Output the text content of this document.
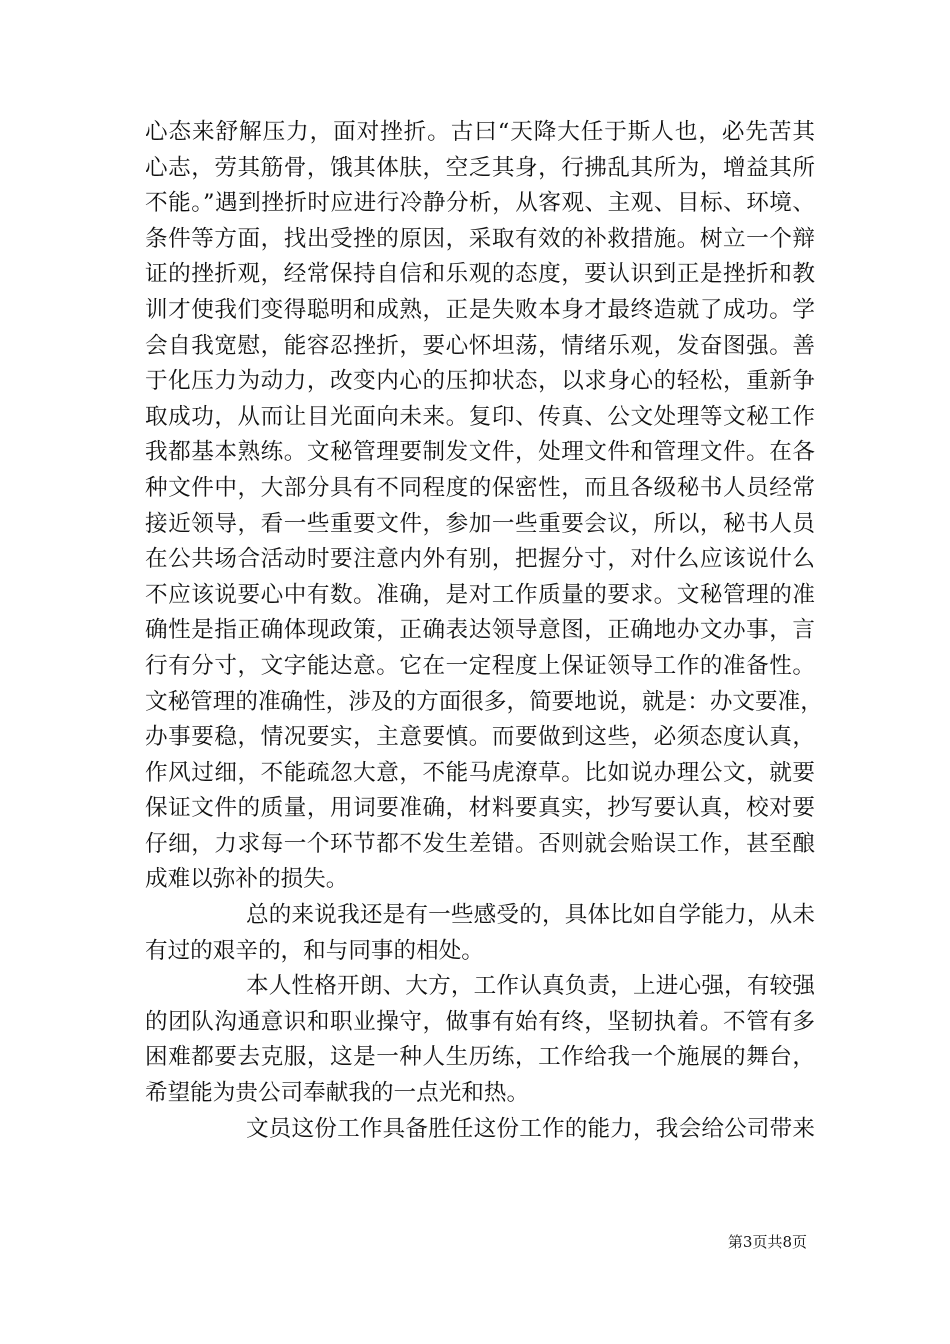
心态来舒解压力，面对挫折。古曰“天降大任于斯人也，必先苦其
心志，劳其筋骨，饿其体肤，空乏其身，行拂乱其所为，增益其所
不能。”遇到挫折时应进行冷静分析，从客观、主观、目标、环境、
条件等方面，找出受挫的原因，采取有效的补救措施。树立一个辩
证的挫折观，经常保持自信和乐观的态度，要认识到正是挫折和教
训才使我们变得聪明和成熟，正是失败本身才最终造就了成功。学
会自我宽慰，能容忍挫折，要心怀坦荡，情绪乐观，发奋图强。善
于化压力为动力，改变内心的压抑状态，以求身心的轻松，重新争
取成功，从而让目光面向未来。复印、传真、公文处理等文秘工作
我都基本熟练。文秘管理要制发文件，处理文件和管理文件。在各
种文件中，大部分具有不同程度的保密性，而且各级秘书人员经常
接近领导，看一些重要文件，参加一些重要会议，所以，秘书人员
在公共场合活动时要注意内外有别，把握分寸，对什么应该说什么
不应该说要心中有数。准确，是对工作质量的要求。文秘管理的准
确性是指正确体现政策，正确表达领导意图，正确地办文办事，言
行有分寸，文字能达意。它在一定程度上保证领导工作的准备性。
文秘管理的准确性，涉及的方面很多，简要地说，就是：办文要准，
办事要稳，情况要实，主意要慎。而要做到这些，必须态度认真，
作风过细，不能疏忽大意，不能马虎潦草。比如说办理公文，就要
保证文件的质量，用词要准确，材料要真实，抄写要认真，校对要
仔细，力求每一个环节都不发生差错。否则就会贻误工作，甚至酿
成难以弥补的损失。
总的来说我还是有一些感受的，具体比如自学能力，从未
有过的艰辛的，和与同事的相处。
本人性格开朗、大方，工作认真负责，上进心强，有较强
的团队沟通意识和职业操守，做事有始有终，坚韧执着。不管有多
困难都要去克服，这是一种人生历练，工作给我一个施展的舞台，
希望能为贵公司奉献我的一点光和热。
文员这份工作具备胜任这份工作的能力，我会给公司带来
第3页共8页
